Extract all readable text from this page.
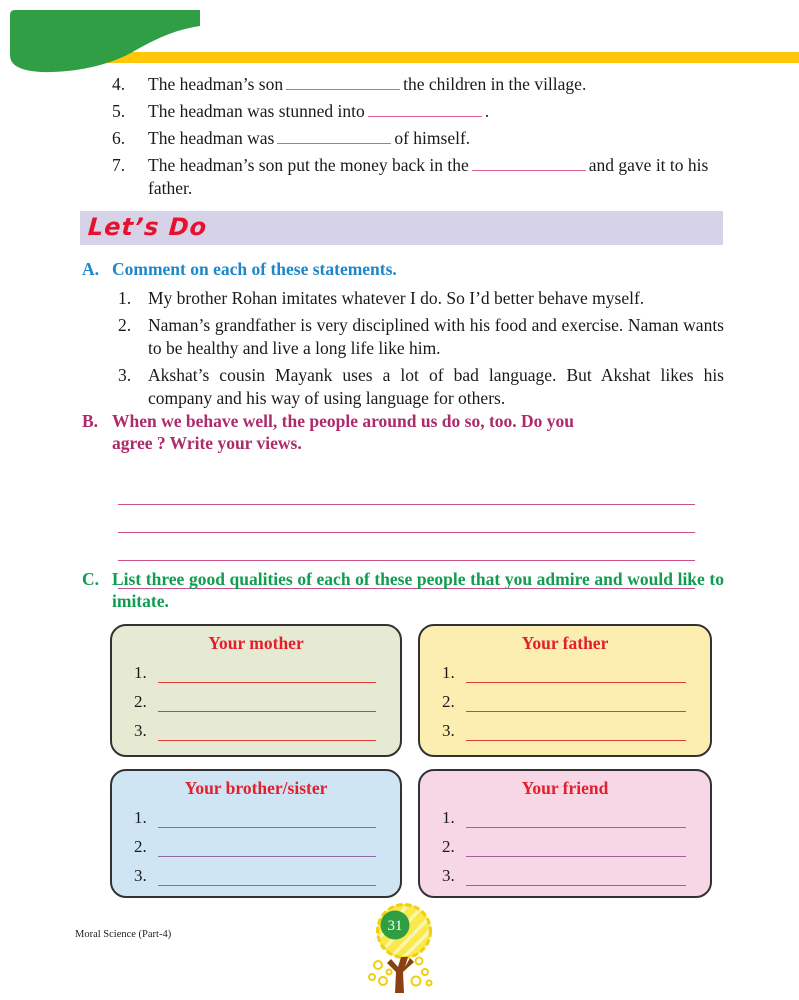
4.	The headman’s son	the children in the village.
5.	The headman was stunned into	.
6.	The headman was	of himself.
7.	The headman’s son put the money back in the	and gave it to his father.
Let’s Do
A. Comment on each of these statements.
1. My brother Rohan imitates whatever I do. So I’d better behave myself.
2. Naman’s grandfather is very disciplined with his food and exercise. Naman wants to be healthy and live a long life like him.
3. Akshat’s cousin Mayank uses a lot of bad language. But Akshat likes his company and his way of using language for others.
B. When we behave well, the people around us do so, too. Do you
agree ? Write your views.
C. List three good qualities of each of these people that you admire and would like to imitate.
Your mother
1.
2.
3.
Your father
1.
2.
3.
Your brother/sister
1.
2.
3.
Your friend
1.
2.
3.
Moral Science (Part-4)
31
